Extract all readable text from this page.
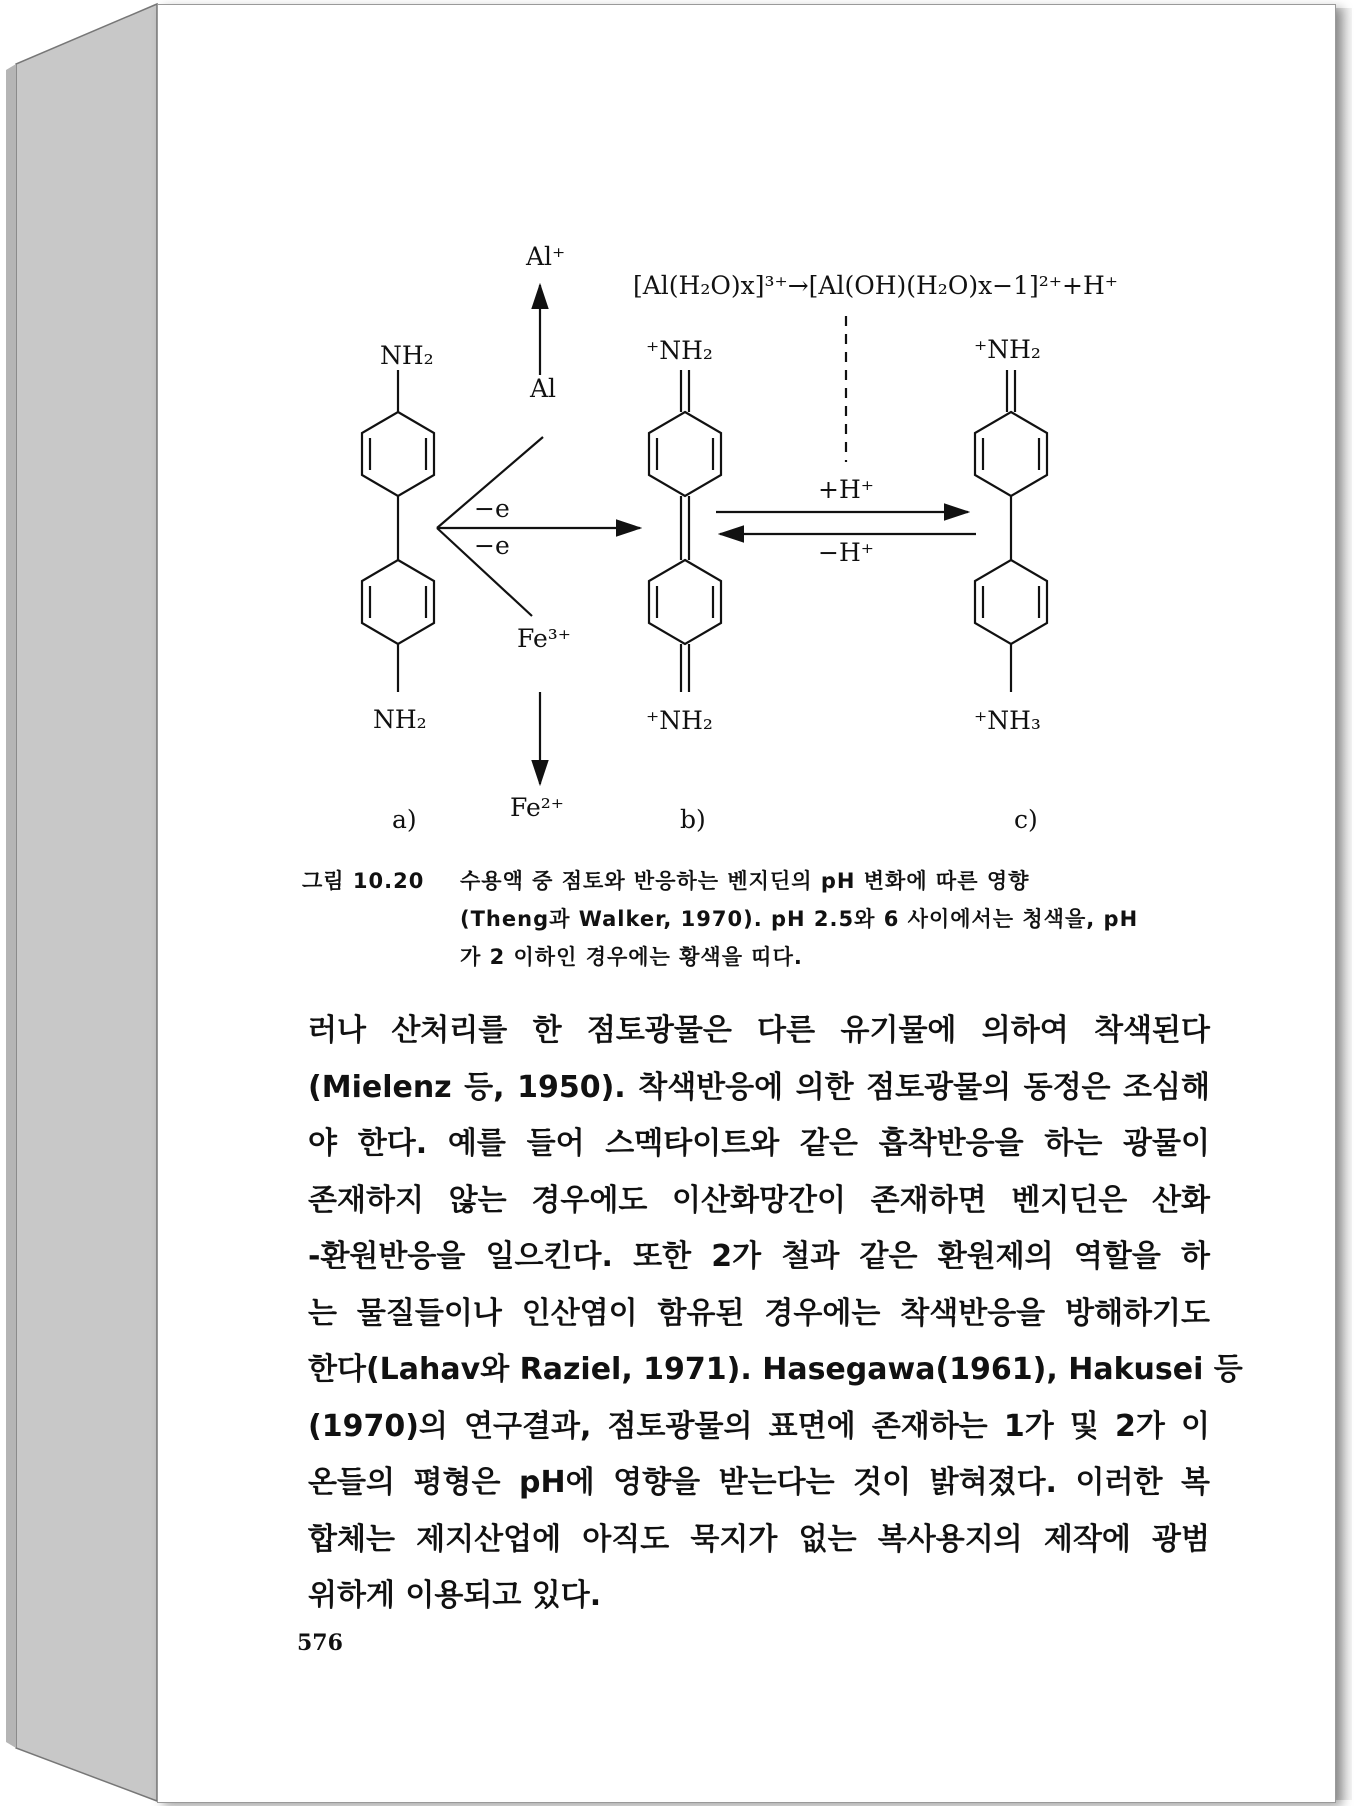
Al⁺
[Al(H₂O)x]³⁺→[Al(OH)(H₂O)x−1]²⁺+H⁺
NH₂
Al
⁺NH₂	⁺NH₂
+H⁺
−e
−e	−H⁺
Fe³⁺
NH₂	⁺NH₂	⁺NH₃
Fe²⁺
a)	b)	c)
그림 10.20 수용액 중 점토와 반응하는 벤지딘의 pH 변화에 따른 영향
(Theng과 Walker, 1970). pH 2.5와 6 사이에서는 청색을, pH
가 2 이하인 경우에는 황색을 띠다.
러나 산처리를 한 점토광물은 다른 유기물에 의하여 착색된다
(Mielenz 등, 1950). 착색반응에 의한 점토광물의 동정은 조심해
야 한다. 예를 들어 스멕타이트와 같은 흡착반응을 하는 광물이
존재하지 않는 경우에도 이산화망간이 존재하면 벤지딘은 산화
-환원반응을 일으킨다. 또한 2가 철과 같은 환원제의 역할을 하
는 물질들이나 인산염이 함유된 경우에는 착색반응을 방해하기도
한다(Lahav와 Raziel, 1971). Hasegawa(1961), Hakusei 등
(1970)의 연구결과, 점토광물의 표면에 존재하는 1가 및 2가 이
온들의 평형은 pH에 영향을 받는다는 것이 밝혀졌다. 이러한 복
합체는 제지산업에 아직도 묵지가 없는 복사용지의 제작에 광범
위하게 이용되고 있다.
576
